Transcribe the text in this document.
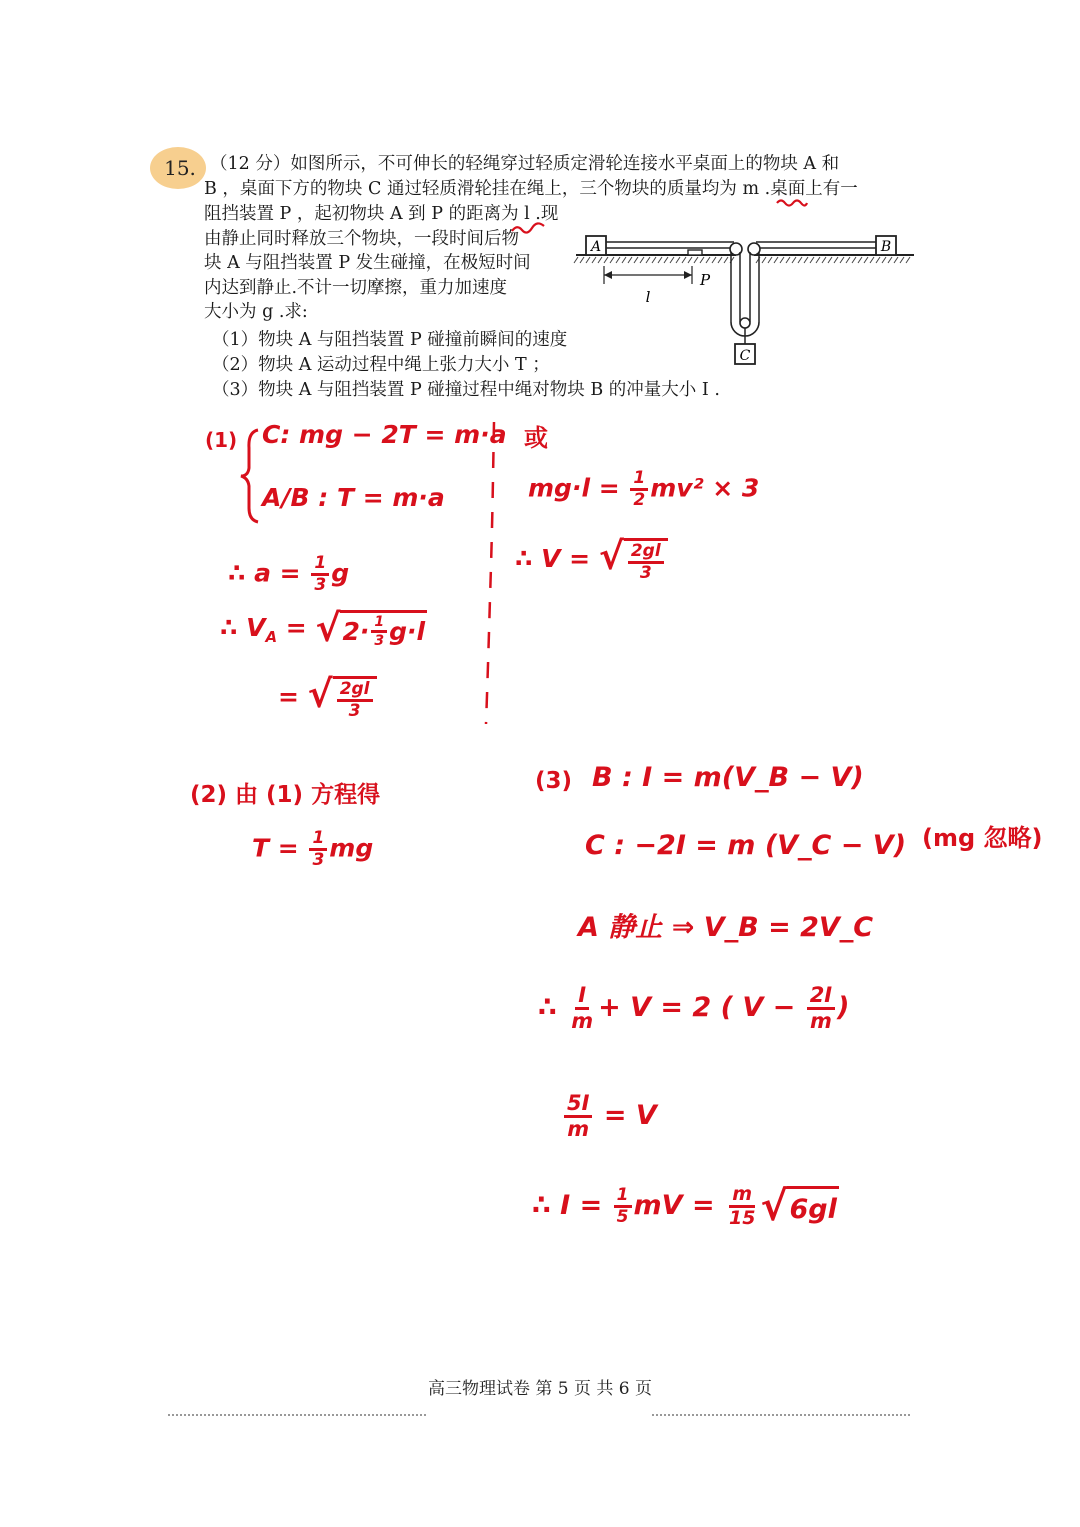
15. （12 分）如图所示，不可伸长的轻绳穿过轻质定滑轮连接水平桌面上的物块 A 和
B ，桌面下方的物块 C 通过轻质滑轮挂在绳上，三个物块的质量均为 m .桌面上有一
阻挡装置 P ，起初物块 A 到 P 的距离为 l .现
由静止同时释放三个物块，一段时间后物
块 A 与阻挡装置 P 发生碰撞，在极短时间
内达到静止.不计一切摩擦，重力加速度
大小为 g .求:
（1）物块 A 与阻挡装置 P 碰撞前瞬间的速度
（2）物块 A 运动过程中绳上张力大小 T ；
（3）物块 A 与阻挡装置 P 碰撞过程中绳对物块 B 的冲量大小 I .
A	B
C
l
P
(1) C: mg − 2T = m·a
A/B : T = m·a
∴ $a = \frac{1}{3}$ g
∴ $V_A$ = √ $2\cdot \frac{1}{3} g\cdot l$
= √ $\frac{2gl}{3}$
或
$mg\cdot l = \frac{1}{2} mv^2 \times 3$
∴ V = √ $\frac{2gl}{3}$
(2) 由 (1) 方程得
$T = \frac{1}{3}$ mg
(3) B : I = m(V_B − V)
C : −2I = m (V_C − V) (mg 忽略)
A 静止 ⇒ V_B = 2V_C
∴ $\frac{I}{m} + V = 2$ ( $V - \frac{2I}{m}$ )
$\frac{5I}{m} = V$
∴ $I = \frac{1}{5}$ mV = $\frac{m}{15}$ √ 6gl
高三物理试卷 第 5 页 共 6 页
